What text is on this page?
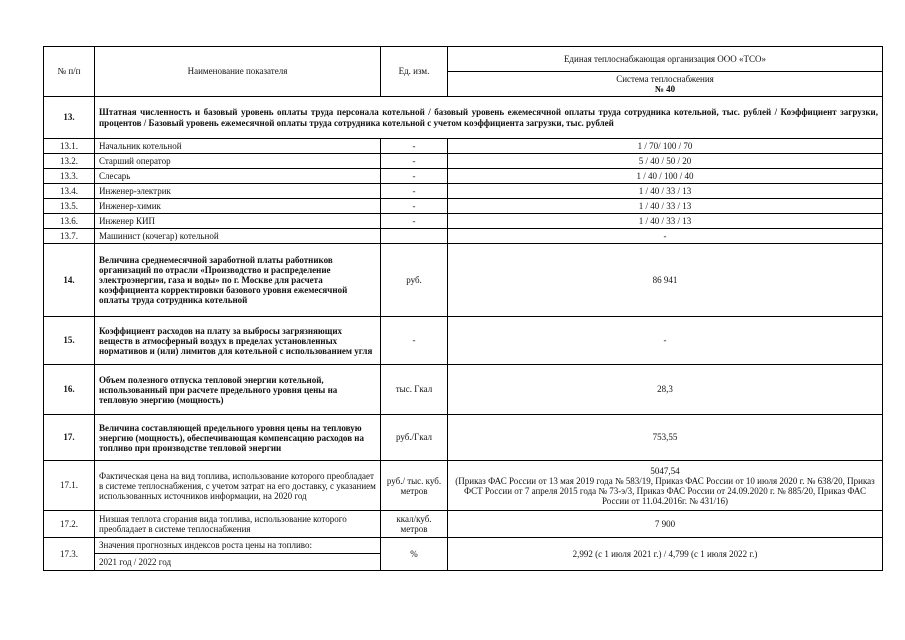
№ п/п	Наименование показателя	Ед. изм.	Единая теплоснабжающая организация ООО «ТСО»

			Система теплоснабжения
№ 40

13.	Штатная численность и базовый уровень оплаты труда персонала котельной / базовый уровень ежемесячной оплаты труда сотрудника котельной, тыс. рублей / Коэффициент загрузки, процентов / Базовый уровень ежемесячной оплаты труда сотрудника котельной с учетом коэффициента загрузки, тыс. рублей		
13.1.	Начальник котельной	-	1 / 70/ 100 / 70
13.2.	Старший оператор	-	5 / 40 / 50 / 20
13.3.	Слесарь	-	1 / 40 / 100 / 40
13.4.	Инженер-электрик	-	1 / 40 / 33 / 13
13.5.	Инженер-химик	-	1 / 40 / 33 / 13
13.6.	Инженер КИП	-	1 / 40 / 33 / 13
13.7.	Машинист (кочегар) котельной		-
14.	Величина среднемесячной заработной платы работников организаций по отрасли «Производство и распределение электроэнергии, газа и воды» по г. Москве для расчета коэффициента корректировки базового уровня ежемесячной оплаты труда сотрудника котельной	руб.	86 941
15.	Коэффициент расходов на плату за выбросы загрязняющих веществ в атмосферный воздух в пределах установленных нормативов и (или) лимитов для котельной с использованием угля	-	-
16.	Объем полезного отпуска тепловой энергии котельной, использованный при расчете предельного уровня цены на тепловую энергию (мощность)	тыс. Гкал	28,3
17.	Величина составляющей предельного уровня цены на тепловую энергию (мощность), обеспечивающая компенсацию расходов на топливо при производстве тепловой энергии	руб./Гкал	753,55
17.1.	Фактическая цена на вид топлива, использование которого преобладает в системе теплоснабжения, с учетом затрат на его доставку, с указанием использованных источников информации, на 2020 год	руб./ тыс. куб. метров	5047,54
(Приказ ФАС России от 13 мая 2019 года № 583/19, Приказ ФАС России от 10 июля 2020 г. № 638/20, Приказ ФСТ России от 7 апреля 2015 года № 73-э/3, Приказ ФАС России от 24.09.2020 г. № 885/20, Приказ ФАС России от 11.04.2016г. № 431/16)

17.2.	Низшая теплота сгорания вида топлива, использование которого преобладает в системе теплоснабжения	ккал/куб. метров	7 900
17.3.	Значения прогнозных индексов роста цены на топливо:	%	2,992 (с 1 июля 2021 г.) / 4,799 (с 1 июля 2022 г.)
	2021 год / 2022 год		
